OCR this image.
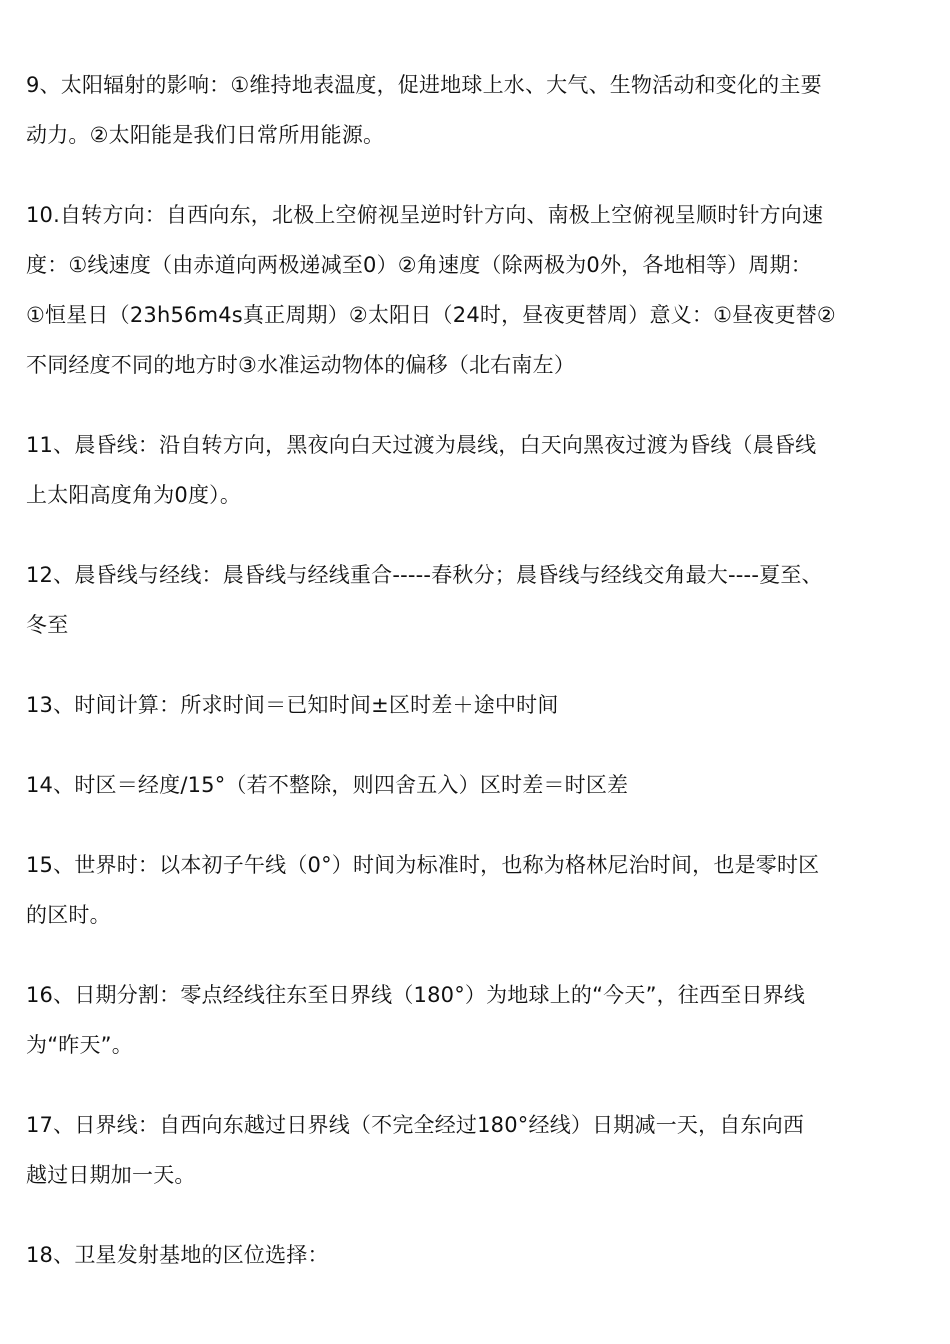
9、太阳辐射的影响：①维持地表温度，促进地球上水、大气、生物活动和变化的主要
动力。②太阳能是我们日常所用能源。
10.自转方向：自西向东，北极上空俯视呈逆时针方向、南极上空俯视呈顺时针方向速
度：①线速度（由赤道向两极递减至0）②角速度（除两极为0外，各地相等）周期：
①恒星日（23h56m4s真正周期）②太阳日（24时，昼夜更替周）意义：①昼夜更替②
不同经度不同的地方时③水准运动物体的偏移（北右南左）
11、晨昏线：沿自转方向，黑夜向白天过渡为晨线，白天向黑夜过渡为昏线（晨昏线
上太阳高度角为0度）。
12、晨昏线与经线：晨昏线与经线重合-----春秋分；晨昏线与经线交角最大----夏至、
冬至
13、时间计算：所求时间＝已知时间±区时差＋途中时间
14、时区＝经度/15°（若不整除，则四舍五入）区时差＝时区差
15、世界时：以本初子午线（0°）时间为标准时，也称为格林尼治时间，也是零时区
的区时。
16、日期分割：零点经线往东至日界线（180°）为地球上的“今天”，往西至日界线
为“昨天”。
17、日界线：自西向东越过日界线（不完全经过180°经线）日期减一天，自东向西
越过日期加一天。
18、卫星发射基地的区位选择：
